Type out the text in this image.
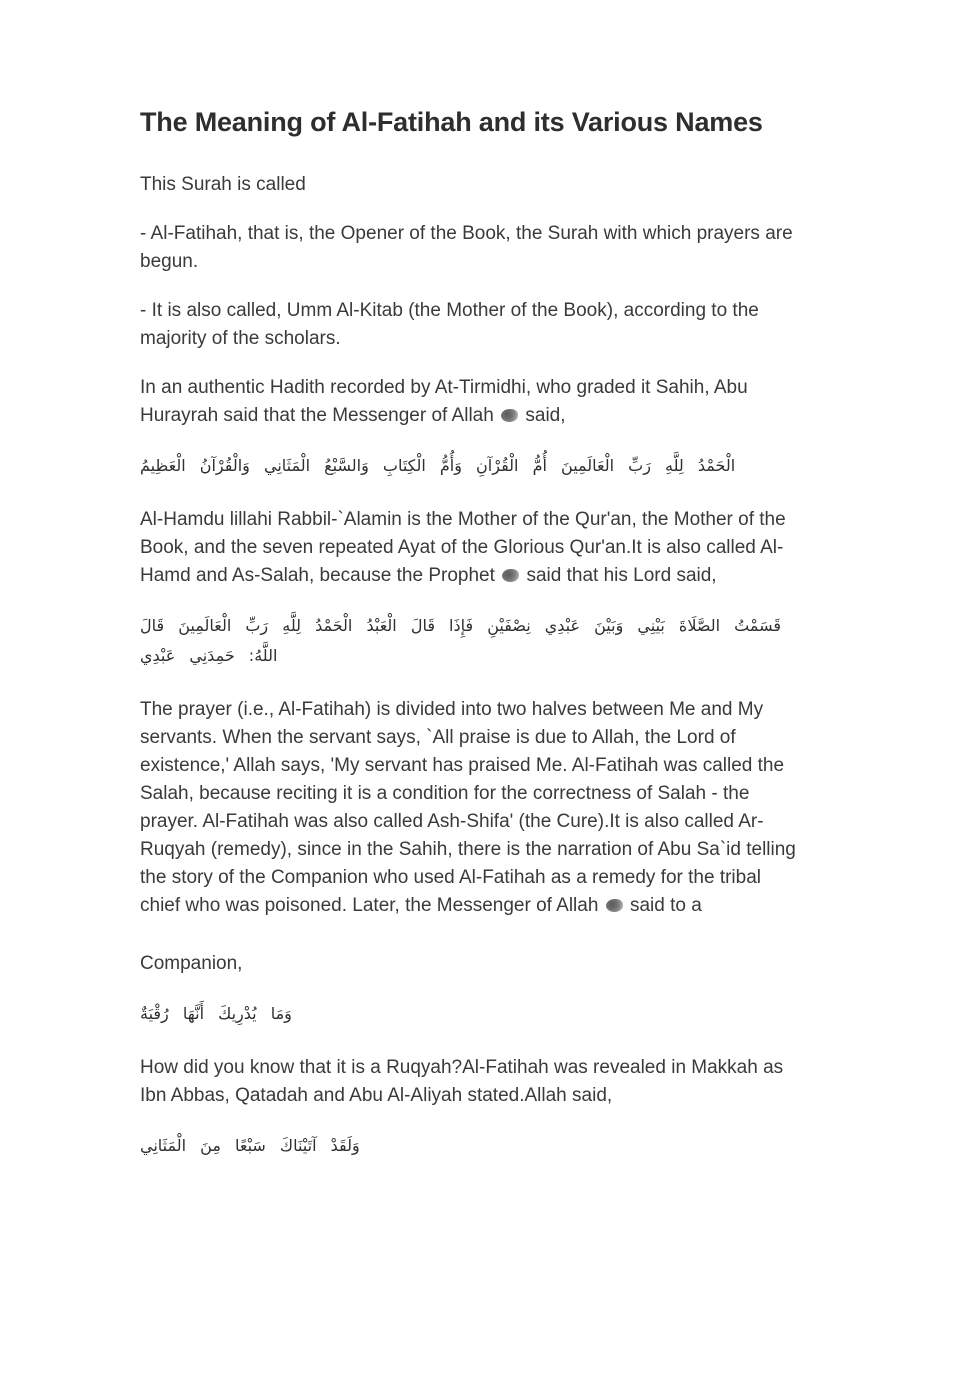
The Meaning of Al-Fatihah and its Various Names

This Surah is called

- Al-Fatihah, that is, the Opener of the Book, the Surah with which prayers are begun.

- It is also called, Umm Al-Kitab (the Mother of the Book), according to the majority of the scholars.

In an authentic Hadith recorded by At-Tirmidhi, who graded it Sahih, Abu Hurayrah said that the Messenger of Allah said,

الْحَمْدُ لِلَّهِ رَبِّ الْعَالَمِينَ أُمُّ الْقُرْآنِ وَأُمُّ الْكِتَابِ وَالسَّبْعُ الْمَثَانِي وَالْقُرْآنُ الْعَظِيمُ

Al-Hamdu lillahi Rabbil-`Alamin is the Mother of the Qur'an, the Mother of the Book, and the seven repeated Ayat of the Glorious Qur'an.It is also called Al-Hamd and As-Salah, because the Prophet said that his Lord said,

قَسَمْتُ الصَّلَاةَ بَيْنِي وَبَيْنَ عَبْدِي نِصْفَيْنِ فَإِذَا قَالَ الْعَبْدُ الْحَمْدُ لِلَّهِ رَبِّ الْعَالَمِينَ قَالَ اللَّهُ: حَمِدَنِي عَبْدِي

The prayer (i.e., Al-Fatihah) is divided into two halves between Me and My servants. When the servant says, `All praise is due to Allah, the Lord of existence,' Allah says, 'My servant has praised Me. Al-Fatihah was called the Salah, because reciting it is a condition for the correctness of Salah - the prayer. Al-Fatihah was also called Ash-Shifa' (the Cure).It is also called Ar-Ruqyah (remedy), since in the Sahih, there is the narration of Abu Sa`id telling the story of the Companion who used Al-Fatihah as a remedy for the tribal chief who was poisoned. Later, the Messenger of Allah said to a

Companion,

وَمَا يُدْرِيكَ أَنَّهَا رُقْيَةٌ

How did you know that it is a Ruqyah?Al-Fatihah was revealed in Makkah as Ibn Abbas, Qatadah and Abu Al-Aliyah stated.Allah said,

وَلَقَدْ آتَيْنَاكَ سَبْعًا مِنَ الْمَثَانِي
